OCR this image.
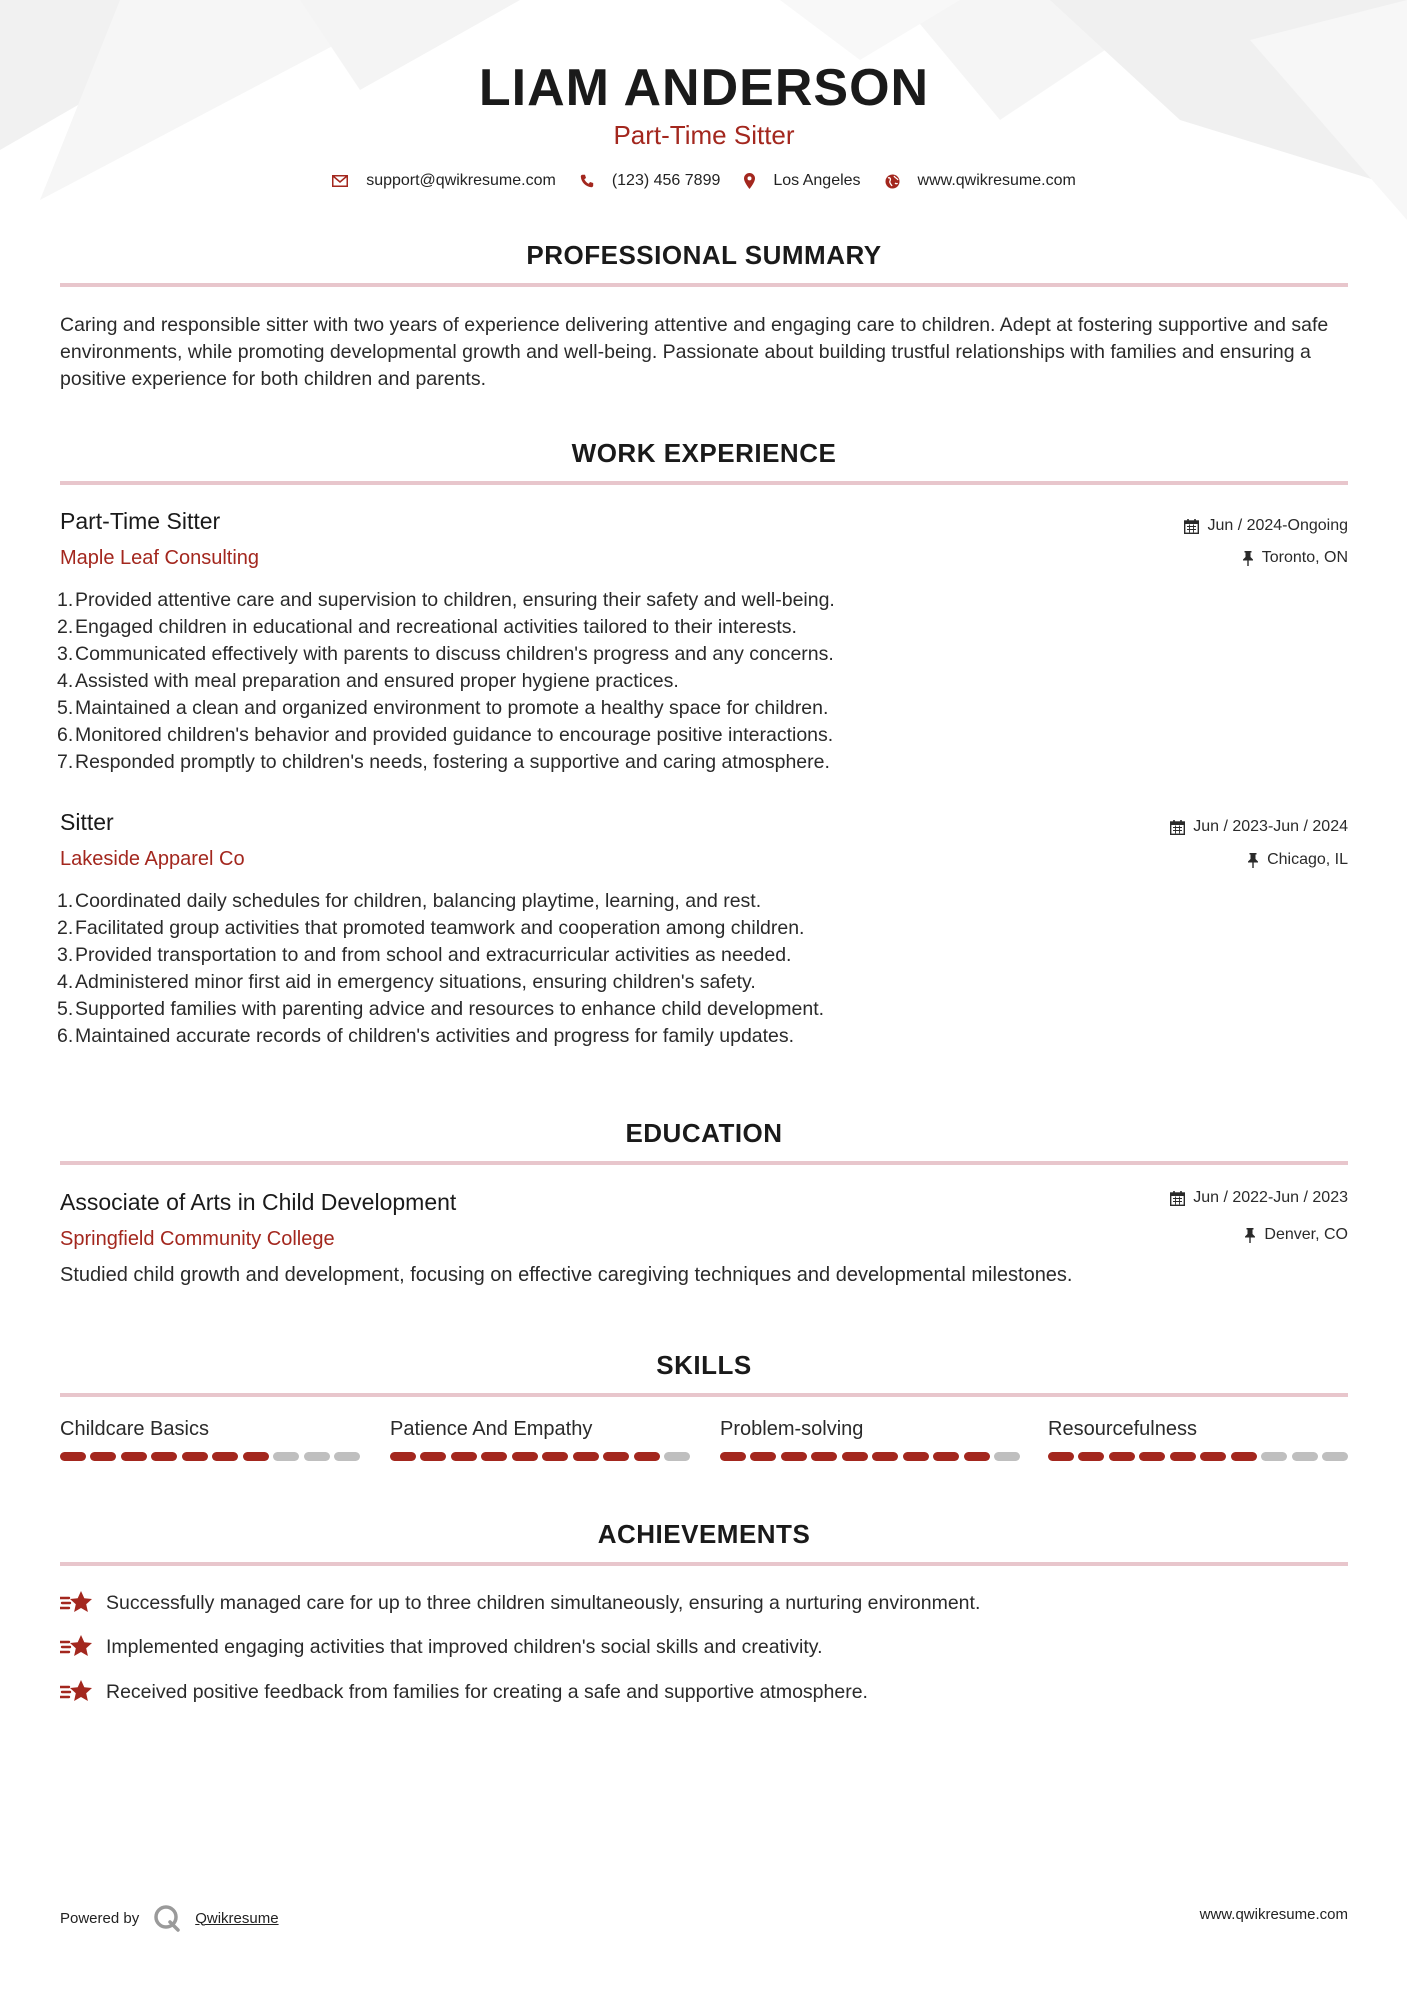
LIAM ANDERSON
Part-Time Sitter
support@qwikresume.com	(123) 456 7899	Los Angeles	www.qwikresume.com
PROFESSIONAL SUMMARY

Caring and responsible sitter with two years of experience delivering attentive and engaging care to children. Adept at fostering supportive and safe environments, while promoting developmental growth and well-being. Passionate about building trustful relationships with families and ensuring a positive experience for both children and parents.

WORK EXPERIENCE
Part-Time Sitter
Maple Leaf Consulting
Jun / 2024-Ongoing
Toronto, ON
1.Provided attentive care and supervision to children, ensuring their safety and well-being.
2.Engaged children in educational and recreational activities tailored to their interests.
3.Communicated effectively with parents to discuss children's progress and any concerns.
4.Assisted with meal preparation and ensured proper hygiene practices.
5.Maintained a clean and organized environment to promote a healthy space for children.
6.Monitored children's behavior and provided guidance to encourage positive interactions.
7.Responded promptly to children's needs, fostering a supportive and caring atmosphere.
Sitter
Lakeside Apparel Co
Jun / 2023-Jun / 2024
Chicago, IL
1.Coordinated daily schedules for children, balancing playtime, learning, and rest.
2.Facilitated group activities that promoted teamwork and cooperation among children.
3.Provided transportation to and from school and extracurricular activities as needed.
4.Administered minor first aid in emergency situations, ensuring children's safety.
5.Supported families with parenting advice and resources to enhance child development.
6.Maintained accurate records of children's activities and progress for family updates.
EDUCATION
Associate of Arts in Child Development
Springfield Community College
Jun / 2022-Jun / 2023
Denver, CO

Studied child growth and development, focusing on effective caregiving techniques and developmental milestones.

SKILLS
Childcare Basics	Patience And Empathy	Problem-solving	Resourcefulness
ACHIEVEMENTS
Successfully managed care for up to three children simultaneously, ensuring a nurturing environment.
Implemented engaging activities that improved children's social skills and creativity.
Received positive feedback from families for creating a safe and supportive atmosphere.
Powered by	Qwikresume	www.qwikresume.com
